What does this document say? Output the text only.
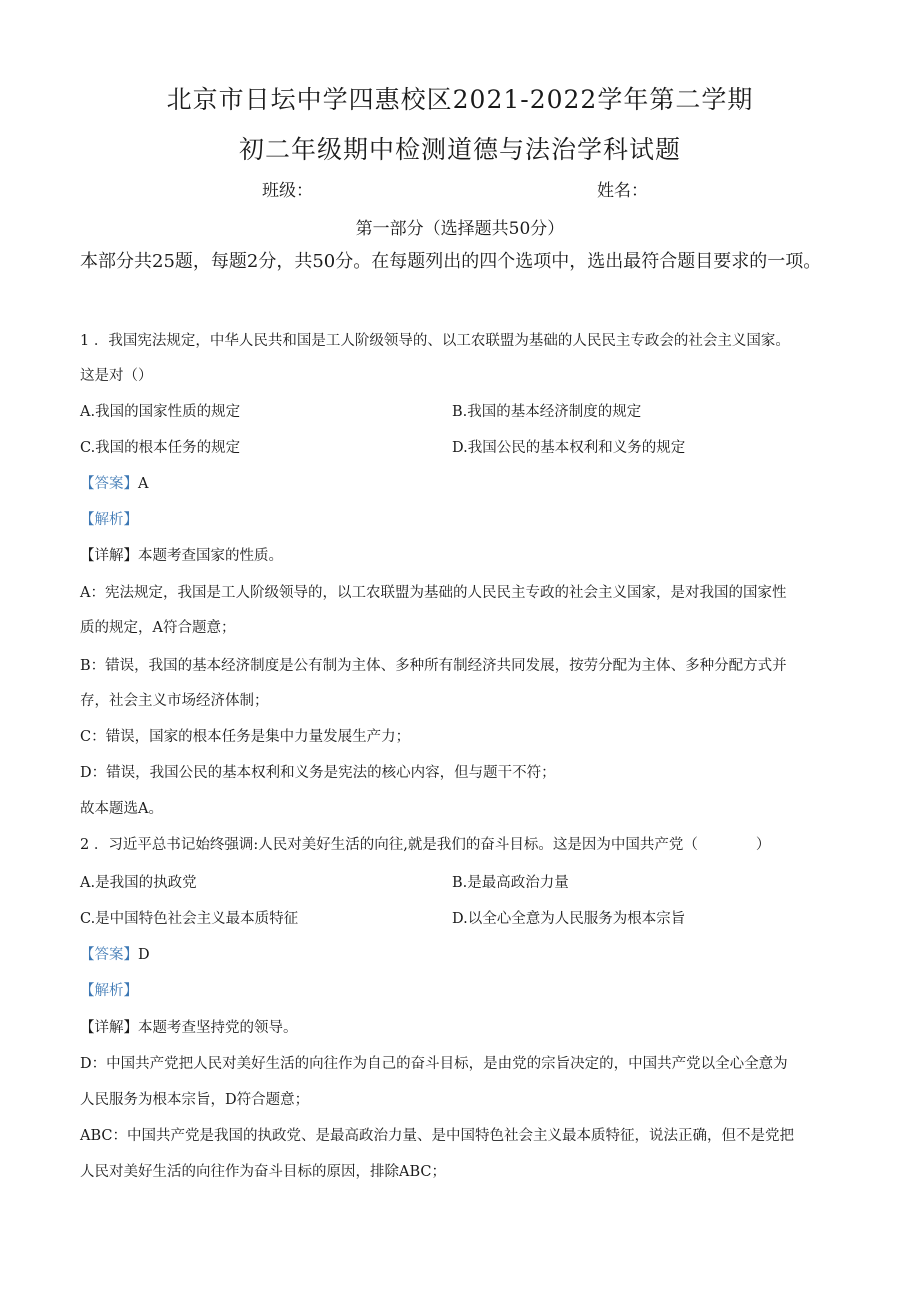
北京市日坛中学四惠校区2021-2022学年第二学期
初二年级期中检测道德与法治学科试题
班级：	姓名：
第一部分（选择题共50分）
本部分共25题，每题2分，共50分。在每题列出的四个选项中，选出最符合题目要求的一项。
1 ．我国宪法规定，中华人民共和国是工人阶级领导的、以工农联盟为基础的人民民主专政会的社会主义国家。
这是对（）
A.我国的国家性质的规定	B.我国的基本经济制度的规定
C.我国的根本任务的规定	D.我国公民的基本权利和义务的规定
【答案】A
【解析】
【详解】本题考查国家的性质。
A：宪法规定，我国是工人阶级领导的，以工农联盟为基础的人民民主专政的社会主义国家，是对我国的国家性
质的规定，A符合题意；
B：错误，我国的基本经济制度是公有制为主体、多种所有制经济共同发展，按劳分配为主体、多种分配方式并
存，社会主义市场经济体制；
C：错误，国家的根本任务是集中力量发展生产力；
D：错误，我国公民的基本权利和义务是宪法的核心内容，但与题干不符；
故本题选A。
2 ．习近平总书记始终强调:人民对美好生活的向往,就是我们的奋斗目标。这是因为中国共产党（　　　　）
A.是我国的执政党	B.是最高政治力量
C.是中国特色社会主义最本质特征	D.以全心全意为人民服务为根本宗旨
【答案】D
【解析】
【详解】本题考查坚持党的领导。
D：中国共产党把人民对美好生活的向往作为自己的奋斗目标，是由党的宗旨决定的，中国共产党以全心全意为
人民服务为根本宗旨，D符合题意；
ABC：中国共产党是我国的执政党、是最高政治力量、是中国特色社会主义最本质特征，说法正确，但不是党把
人民对美好生活的向往作为奋斗目标的原因，排除ABC；
